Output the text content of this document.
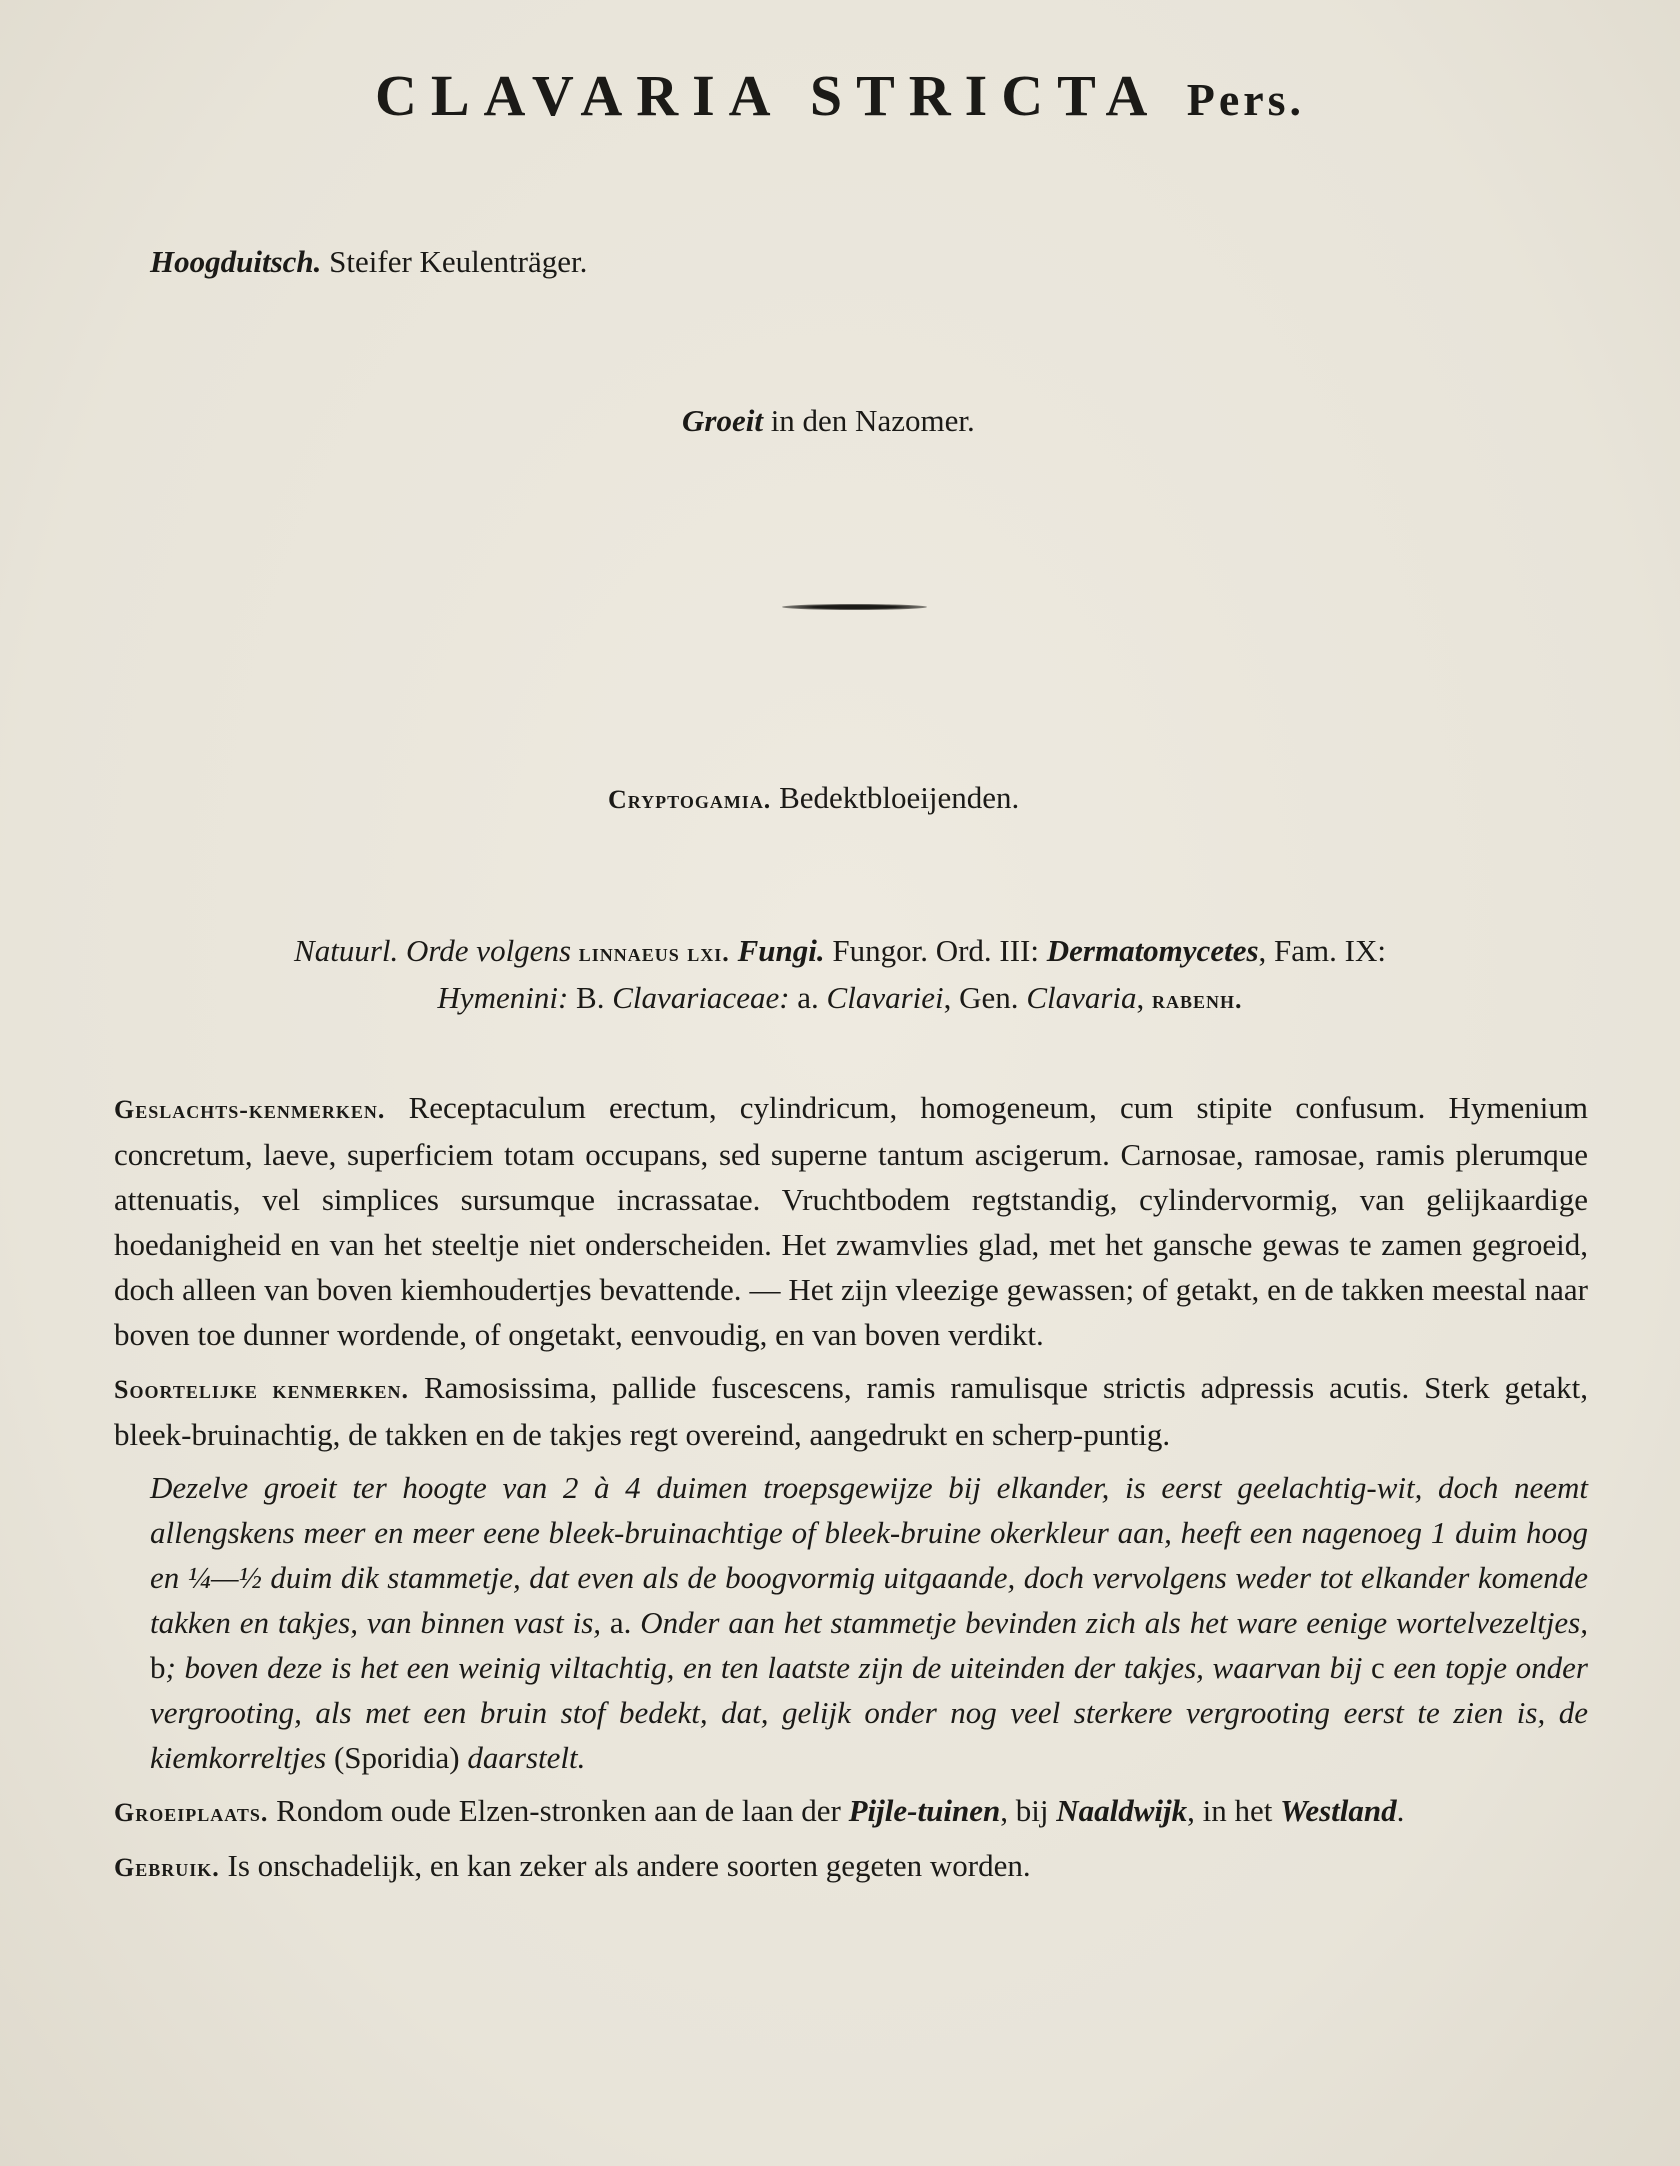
CLAVARIA STRICTA Pers.
Hoogduitsch. Steifer Keulenträger.
Groeit in den Nazomer.
Cryptogamia. Bedektbloeijenden.
Natuurl. Orde volgens linnaeus lxi. Fungi. Fungor. Ord. III: Dermatomycetes, Fam. IX:
Hymenini: B. Clavariaceae: a. Clavariei, Gen. Clavaria, rabenh.

Geslachts-kenmerken. Receptaculum erectum, cylindricum, homogeneum, cum stipite confusum. Hymenium concretum, laeve, superficiem totam occupans, sed superne tantum ascigerum. Carnosae, ramosae, ramis plerumque attenuatis, vel simplices sursumque incrassatae. Vruchtbodem regtstandig, cylindervormig, van gelijkaardige hoedanigheid en van het steeltje niet onderscheiden. Het zwamvlies glad, met het gansche gewas te zamen gegroeid, doch alleen van boven kiemhoudertjes bevattende. — Het zijn vleezige gewassen; of getakt, en de takken meestal naar boven toe dunner wordende, of ongetakt, eenvoudig, en van boven verdikt.

Soortelijke kenmerken. Ramosissima, pallide fuscescens, ramis ramulisque strictis adpressis acutis. Sterk getakt, bleek-bruinachtig, de takken en de takjes regt overeind, aangedrukt en scherp-puntig.

Dezelve groeit ter hoogte van 2 à 4 duimen troepsgewijze bij elkander, is eerst geelachtig-wit, doch neemt allengskens meer en meer eene bleek-bruinachtige of bleek-bruine okerkleur aan, heeft een nagenoeg 1 duim hoog en ¼—½ duim dik stammetje, dat even als de boogvormig uitgaande, doch vervolgens weder tot elkander komende takken en takjes, van binnen vast is, a. Onder aan het stammetje bevinden zich als het ware eenige wortelvezeltjes, b; boven deze is het een weinig viltachtig, en ten laatste zijn de uiteinden der takjes, waarvan bij c een topje onder vergrooting, als met een bruin stof bedekt, dat, gelijk onder nog veel sterkere vergrooting eerst te zien is, de kiemkorreltjes (Sporidia) daarstelt.

Groeiplaats. Rondom oude Elzen-stronken aan de laan der Pijle-tuinen, bij Naaldwijk, in het Westland.

Gebruik. Is onschadelijk, en kan zeker als andere soorten gegeten worden.
